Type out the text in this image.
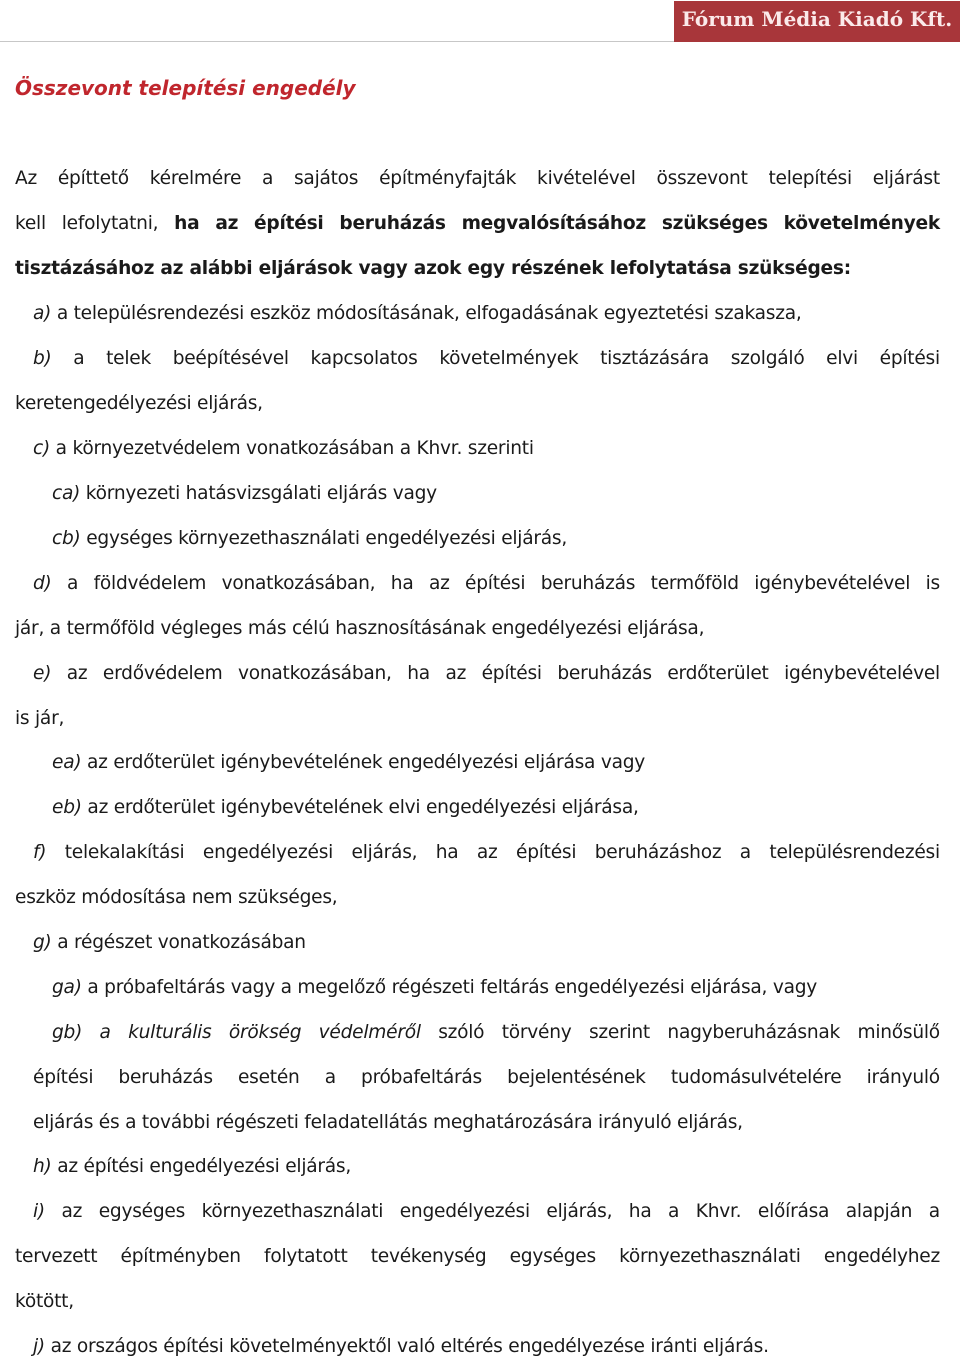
Fórum Média Kiadó Kft.
Összevont telepítési engedély
Az építtető kérelmére a sajátos építményfajták kivételével összevont telepítési eljárást
kell lefolytatni, ha az építési beruházás megvalósításához szükséges követelmények
tisztázásához az alábbi eljárások vagy azok egy részének lefolytatása szükséges:
a) a településrendezési eszköz módosításának, elfogadásának egyeztetési szakasza,
b) a telek beépítésével kapcsolatos követelmények tisztázására szolgáló elvi építési
keretengedélyezési eljárás,
c) a környezetvédelem vonatkozásában a Khvr. szerinti
ca) környezeti hatásvizsgálati eljárás vagy
cb) egységes környezethasználati engedélyezési eljárás,
d) a földvédelem vonatkozásában, ha az építési beruházás termőföld igénybevételével is
jár, a termőföld végleges más célú hasznosításának engedélyezési eljárása,
e) az erdővédelem vonatkozásában, ha az építési beruházás erdőterület igénybevételével
is jár,
ea) az erdőterület igénybevételének engedélyezési eljárása vagy
eb) az erdőterület igénybevételének elvi engedélyezési eljárása,
f) telekalakítási engedélyezési eljárás, ha az építési beruházáshoz a településrendezési
eszköz módosítása nem szükséges,
g) a régészet vonatkozásában
ga) a próbafeltárás vagy a megelőző régészeti feltárás engedélyezési eljárása, vagy
gb) a kulturális örökség védelméről szóló törvény szerint nagyberuházásnak minősülő
építési beruházás esetén a próbafeltárás bejelentésének tudomásulvételére irányuló
eljárás és a további régészeti feladatellátás meghatározására irányuló eljárás,
h) az építési engedélyezési eljárás,
i) az egységes környezethasználati engedélyezési eljárás, ha a Khvr. előírása alapján a
tervezett építményben folytatott tevékenység egységes környezethasználati engedélyhez
kötött,
j) az országos építési követelményektől való eltérés engedélyezése iránti eljárás.
